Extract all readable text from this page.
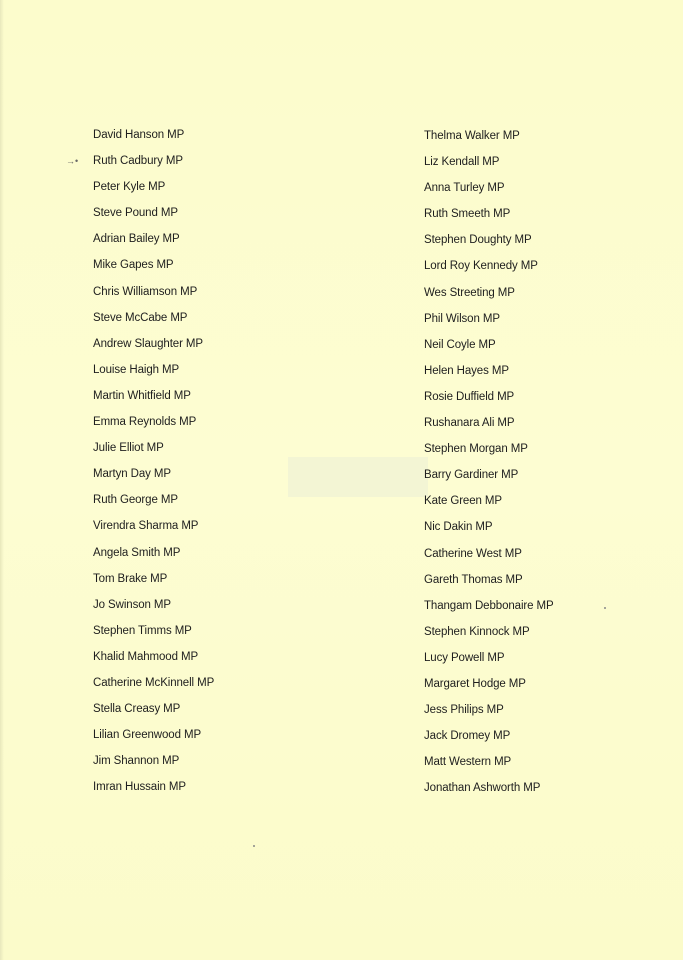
→•
David Hanson MP
Ruth Cadbury MP
Peter Kyle MP
Steve Pound MP
Adrian Bailey MP
Mike Gapes MP
Chris Williamson MP
Steve McCabe MP
Andrew Slaughter MP
Louise Haigh MP
Martin Whitfield MP
Emma Reynolds MP
Julie Elliot MP
Martyn Day MP
Ruth George MP
Virendra Sharma MP
Angela Smith MP
Tom Brake MP
Jo Swinson MP
Stephen Timms MP
Khalid Mahmood MP
Catherine McKinnell MP
Stella Creasy MP
Lilian Greenwood MP
Jim Shannon MP
Imran Hussain MP
Thelma Walker MP
Liz Kendall MP
Anna Turley MP
Ruth Smeeth MP
Stephen Doughty MP
Lord Roy Kennedy MP
Wes Streeting MP
Phil Wilson MP
Neil Coyle MP
Helen Hayes MP
Rosie Duffield MP
Rushanara Ali MP
Stephen Morgan MP
Barry Gardiner MP
Kate Green MP
Nic Dakin MP
Catherine West MP
Gareth Thomas MP
Thangam Debbonaire MP
Stephen Kinnock MP
Lucy Powell MP
Margaret Hodge MP
Jess Philips MP
Jack Dromey MP
Matt Western MP
Jonathan Ashworth MP
